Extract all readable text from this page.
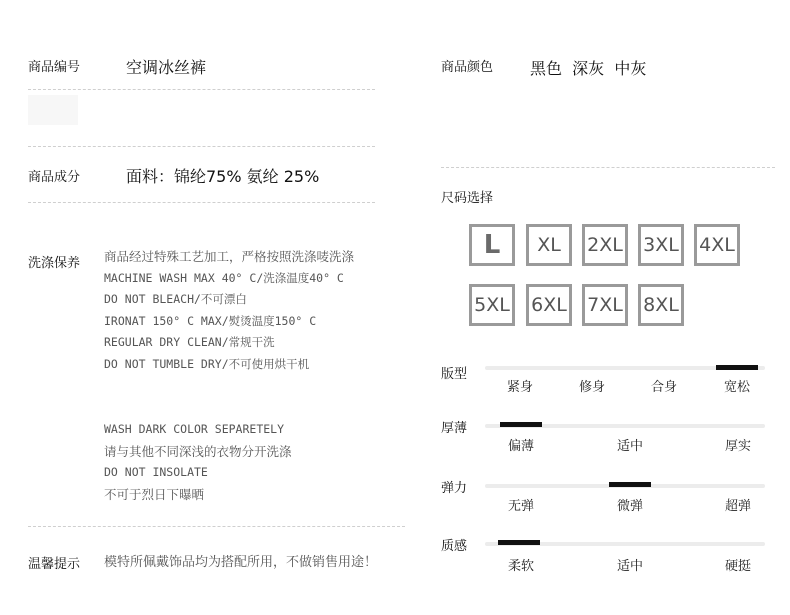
商品编号	空调冰丝裤
商品成分	面料：锦纶75% 氨纶 25%
洗涤保养 商品经过特殊工艺加工，严格按照洗涤唛洗涤
MACHINE WASH MAX 40° C/洗涤温度40° C
DO NOT BLEACH/不可漂白
IRONAT 150° C MAX/熨烫温度150° C
REGULAR DRY CLEAN/常规干洗
DO NOT TUMBLE DRY/不可使用烘干机
WASH DARK COLOR SEPARETELY
请与其他不同深浅的衣物分开洗涤
DO NOT INSOLATE
不可于烈日下曝晒
温馨提示 模特所佩戴饰品均为搭配所用，不做销售用途！
商品颜色 黑色  深灰  中灰
尺码选择
L	XL	2XL 3XL 4XL
5XL 6XL 7XL 8XL
版型
紧身	修身	合身	宽松
厚薄
偏薄	适中	厚实
弹力
无弹	微弹	超弹
质感
柔软	适中	硬挺
